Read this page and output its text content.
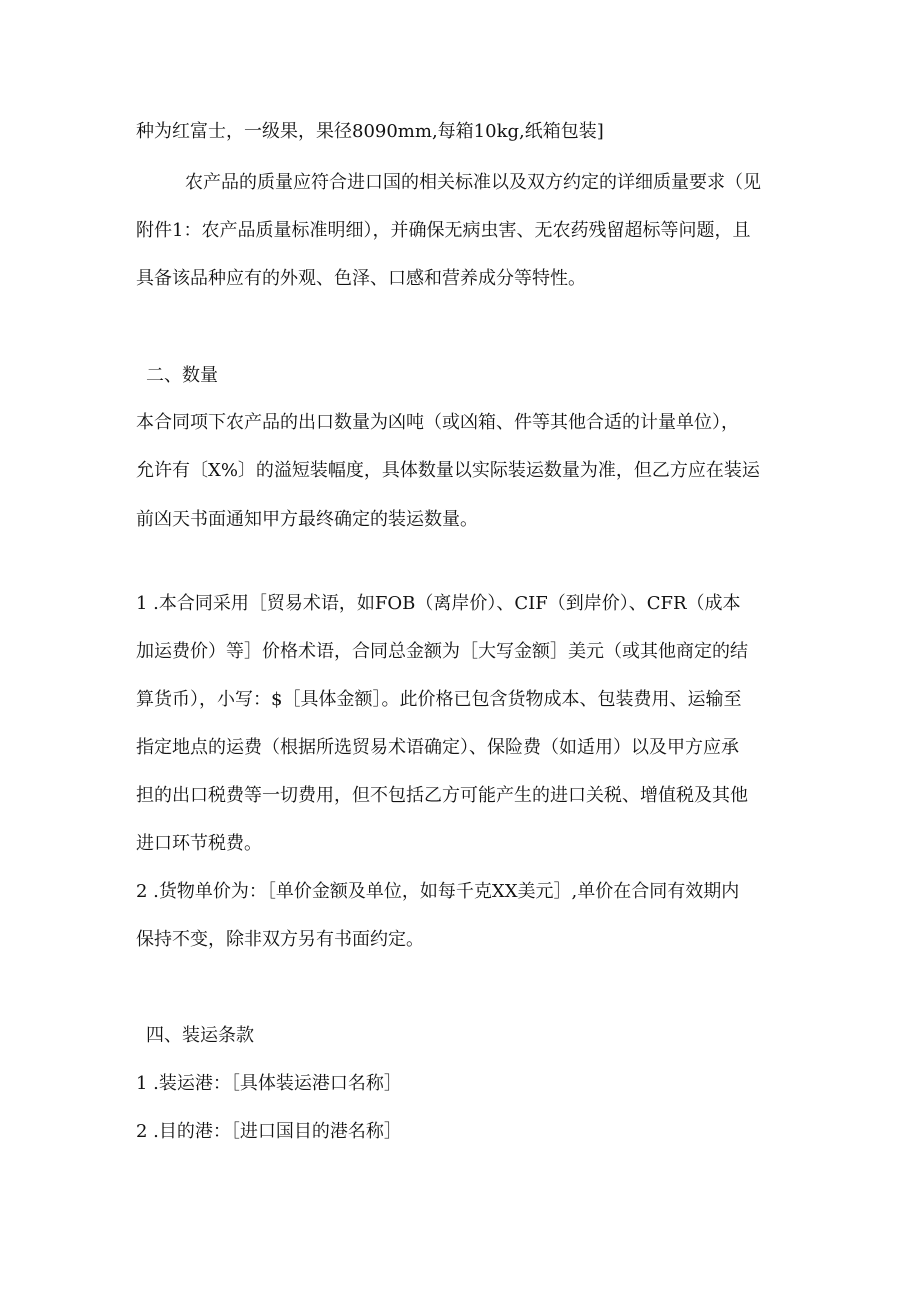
种为红富士，一级果，果径8090mm,每箱10kg,纸箱包装]

农产品的质量应符合进口国的相关标准以及双方约定的详细质量要求（见

附件1：农产品质量标准明细），并确保无病虫害、无农药残留超标等问题，且

具备该品种应有的外观、色泽、口感和营养成分等特性。

二、数量

本合同项下农产品的出口数量为凶吨（或凶箱、件等其他合适的计量单位），

允许有〔X%〕的溢短装幅度，具体数量以实际装运数量为准，但乙方应在装运

前凶天书面通知甲方最终确定的装运数量。

1 .本合同采用［贸易术语，如FOB（离岸价）、CIF（到岸价）、CFR（成本

加运费价）等］价格术语，合同总金额为［大写金额］美元（或其他商定的结

算货币），小写：$［具体金额］。此价格已包含货物成本、包装费用、运输至

指定地点的运费（根据所选贸易术语确定）、保险费（如适用）以及甲方应承

担的出口税费等一切费用，但不包括乙方可能产生的进口关税、增值税及其他

进口环节税费。

2 .货物单价为：［单价金额及单位，如每千克XX美元］,单价在合同有效期内

保持不变，除非双方另有书面约定。

四、装运条款

1 .装运港：［具体装运港口名称］

2 .目的港：［进口国目的港名称］
